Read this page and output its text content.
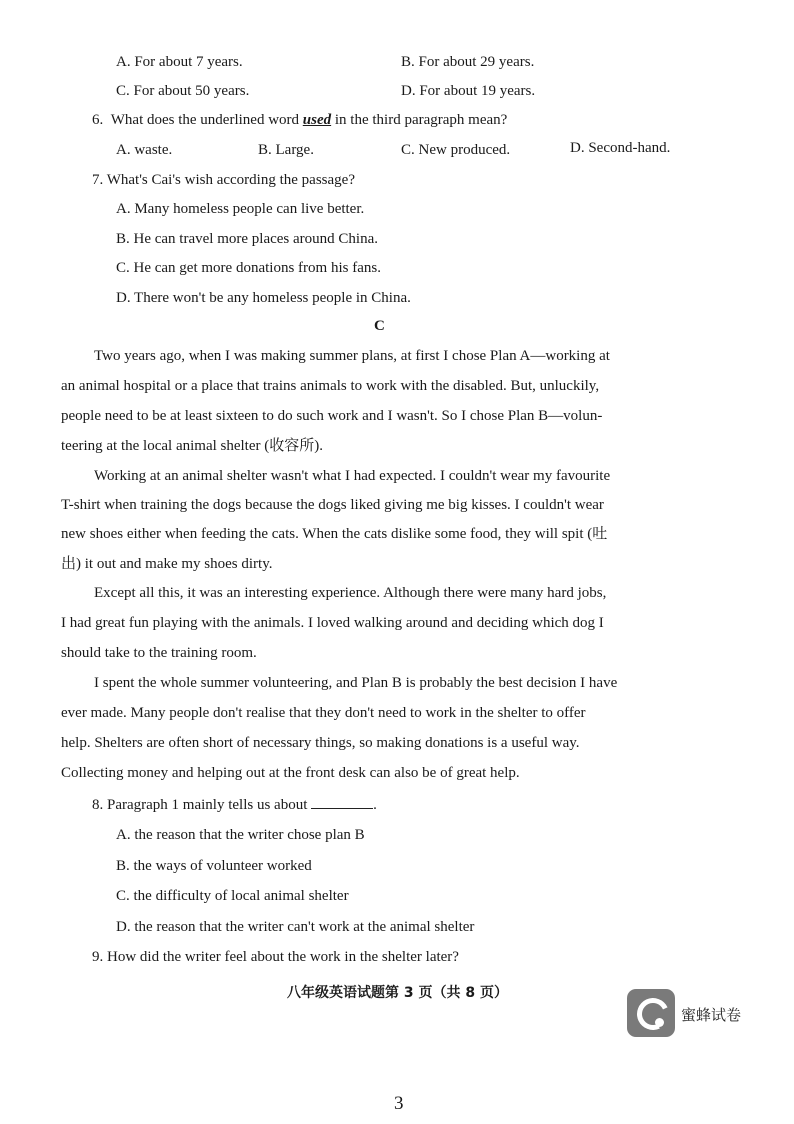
A. For about 7 years.	B. For about 29 years.
C. For about 50 years.	D. For about 19 years.
6. What does the underlined word used in the third paragraph mean?
A. waste.	B. Large.	C. New produced.	D. Second-hand.
7. What's Cai's wish according the passage?
A. Many homeless people can live better.
B. He can travel more places around China.
C. He can get more donations from his fans.
D. There won't be any homeless people in China.
C
Two years ago, when I was making summer plans, at first I chose Plan A—working at
an animal hospital or a place that trains animals to work with the disabled. But, unluckily,
people need to be at least sixteen to do such work and I wasn't. So I chose Plan B—volun-
teering at the local animal shelter (收容所).
Working at an animal shelter wasn't what I had expected. I couldn't wear my favourite
T-shirt when training the dogs because the dogs liked giving me big kisses. I couldn't wear
new shoes either when feeding the cats. When the cats dislike some food, they will spit (吐
出) it out and make my shoes dirty.
Except all this, it was an interesting experience. Although there were many hard jobs,
I had great fun playing with the animals. I loved walking around and deciding which dog I
should take to the training room.
I spent the whole summer volunteering, and Plan B is probably the best decision I have
ever made. Many people don't realise that they don't need to work in the shelter to offer
help. Shelters are often short of necessary things, so making donations is a useful way.
Collecting money and helping out at the front desk can also be of great help.
8. Paragraph 1 mainly tells us about	.
A. the reason that the writer chose plan B
B. the ways of volunteer worked
C. the difficulty of local animal shelter
D. the reason that the writer can't work at the animal shelter
9. How did the writer feel about the work in the shelter later?
八年级英语试题第 3 页（共 8 页）
蜜蜂试卷
3
